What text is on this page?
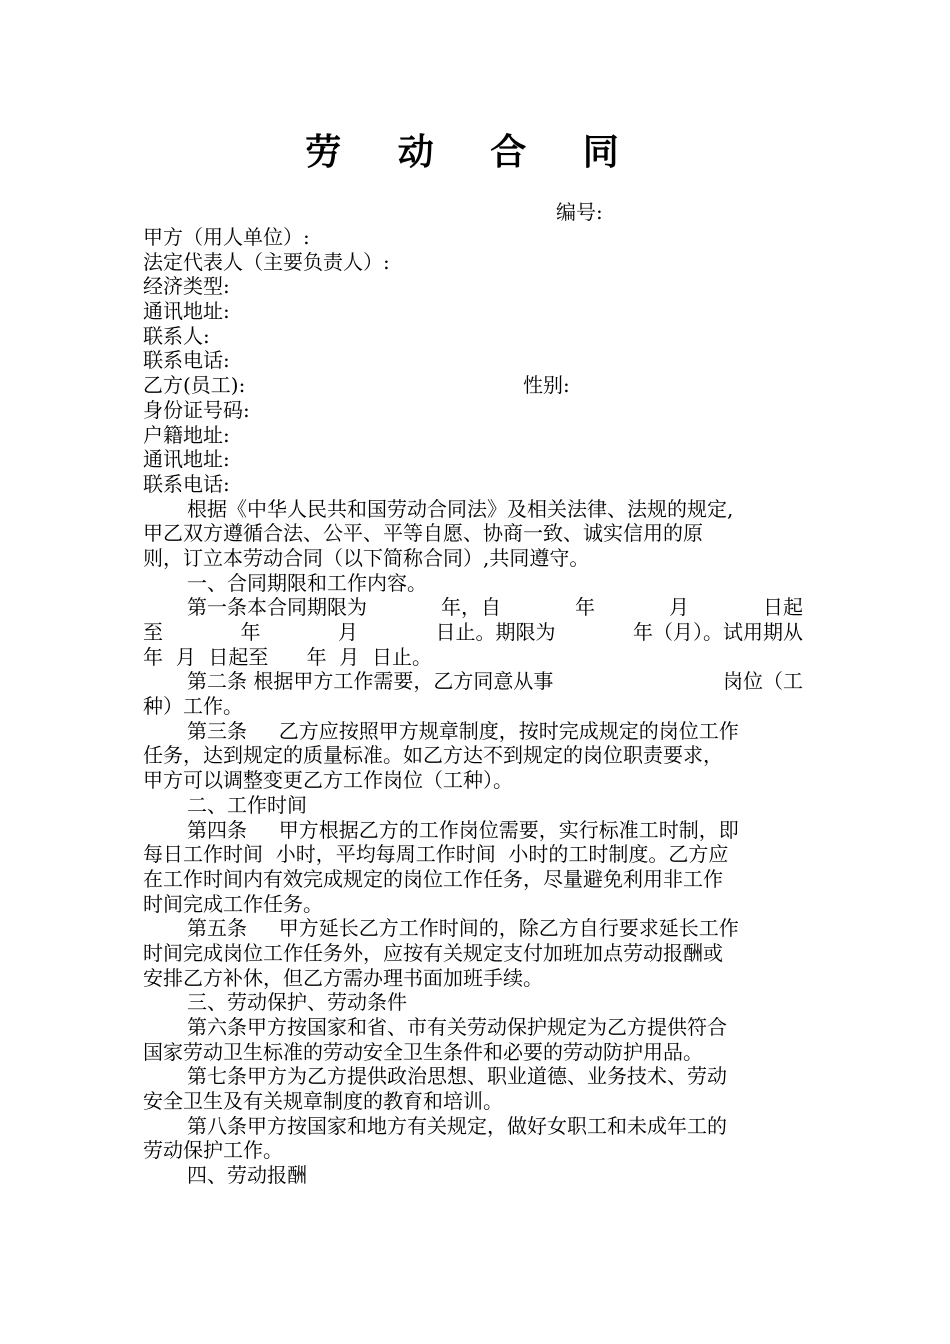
劳 动 合 同
编号:
甲方（用人单位）:
法定代表人（主要负责人）:
经济类型:
通讯地址:
联系人:
联系电话:
乙方(员工):	性别:
身份证号码:
户籍地址:
通讯地址:
联系电话:
根据《中华人民共和国劳动合同法》及相关法律、法规的规定,
甲乙双方遵循合法、公平、平等自愿、协商一致、诚实信用的原
则，订立本劳动合同（以下简称合同）,共同遵守。
一、合同期限和工作内容。
第一条本合同期限为	年，自	年	月	日起
至	年	月	日止。期限为	年（月）。试用期从
年  月  日起至      年  月  日止。
第二条 根据甲方工作需要，乙方同意从事	岗位（工
种）工作。
第三条     乙方应按照甲方规章制度，按时完成规定的岗位工作
任务，达到规定的质量标准。如乙方达不到规定的岗位职责要求，
甲方可以调整变更乙方工作岗位（工种）。
二、工作时间
第四条     甲方根据乙方的工作岗位需要，实行标准工时制，即
每日工作时间  小时，平均每周工作时间  小时的工时制度。乙方应
在工作时间内有效完成规定的岗位工作任务，尽量避免利用非工作
时间完成工作任务。
第五条     甲方延长乙方工作时间的，除乙方自行要求延长工作
时间完成岗位工作任务外，应按有关规定支付加班加点劳动报酬或
安排乙方补休，但乙方需办理书面加班手续。
三、劳动保护、劳动条件
第六条甲方按国家和省、市有关劳动保护规定为乙方提供符合
国家劳动卫生标准的劳动安全卫生条件和必要的劳动防护用品。
第七条甲方为乙方提供政治思想、职业道德、业务技术、劳动
安全卫生及有关规章制度的教育和培训。
第八条甲方按国家和地方有关规定，做好女职工和未成年工的
劳动保护工作。
四、劳动报酬
